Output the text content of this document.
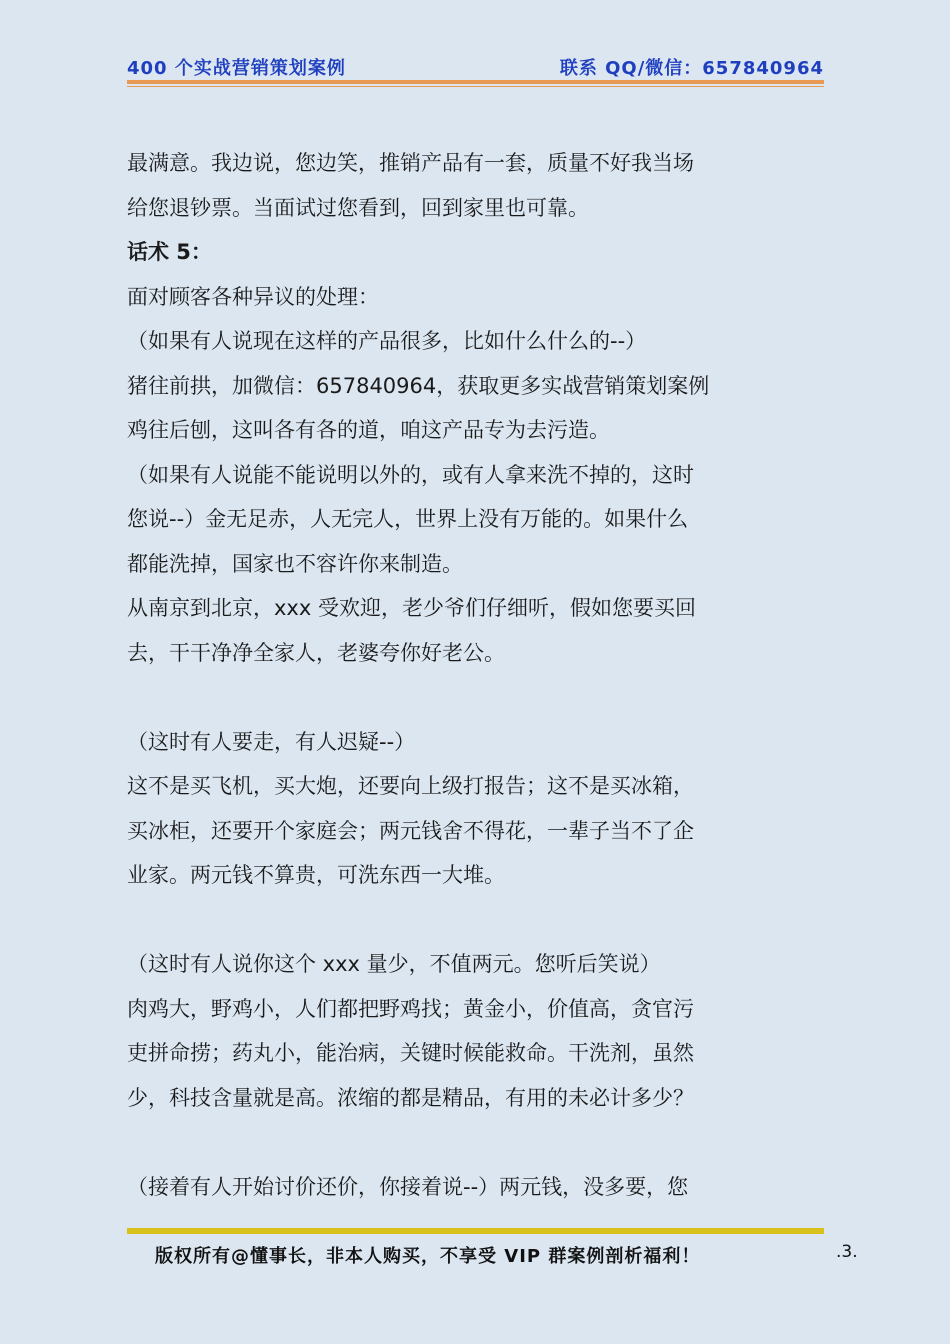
400 个实战营销策划案例	联系 QQ/微信：657840964

最满意。我边说，您边笑，推销产品有一套，质量不好我当场

给您退钞票。当面试过您看到，回到家里也可靠。

话术 5：

面对顾客各种异议的处理：

（如果有人说现在这样的产品很多，比如什么什么的--）

猪往前拱，加微信：657840964，获取更多实战营销策划案例

鸡往后刨，这叫各有各的道，咱这产品专为去污造。

（如果有人说能不能说明以外的，或有人拿来洗不掉的，这时

您说--）金无足赤，人无完人，世界上没有万能的。如果什么

都能洗掉，国家也不容许你来制造。

从南京到北京，xxx 受欢迎，老少爷们仔细听，假如您要买回

去，干干净净全家人，老婆夸你好老公。

（这时有人要走，有人迟疑--）

这不是买飞机，买大炮，还要向上级打报告；这不是买冰箱，

买冰柜，还要开个家庭会；两元钱舍不得花，一辈子当不了企

业家。两元钱不算贵，可洗东西一大堆。

（这时有人说你这个 xxx 量少，不值两元。您听后笑说）

肉鸡大，野鸡小，人们都把野鸡找；黄金小，价值高，贪官污

吏拼命捞；药丸小，能治病，关键时候能救命。干洗剂，虽然

少，科技含量就是高。浓缩的都是精品，有用的未必计多少？

（接着有人开始讨价还价，你接着说--）两元钱，没多要，您

版权所有@懂事长，非本人购买，不享受 VIP 群案例剖析福利！	.3.
